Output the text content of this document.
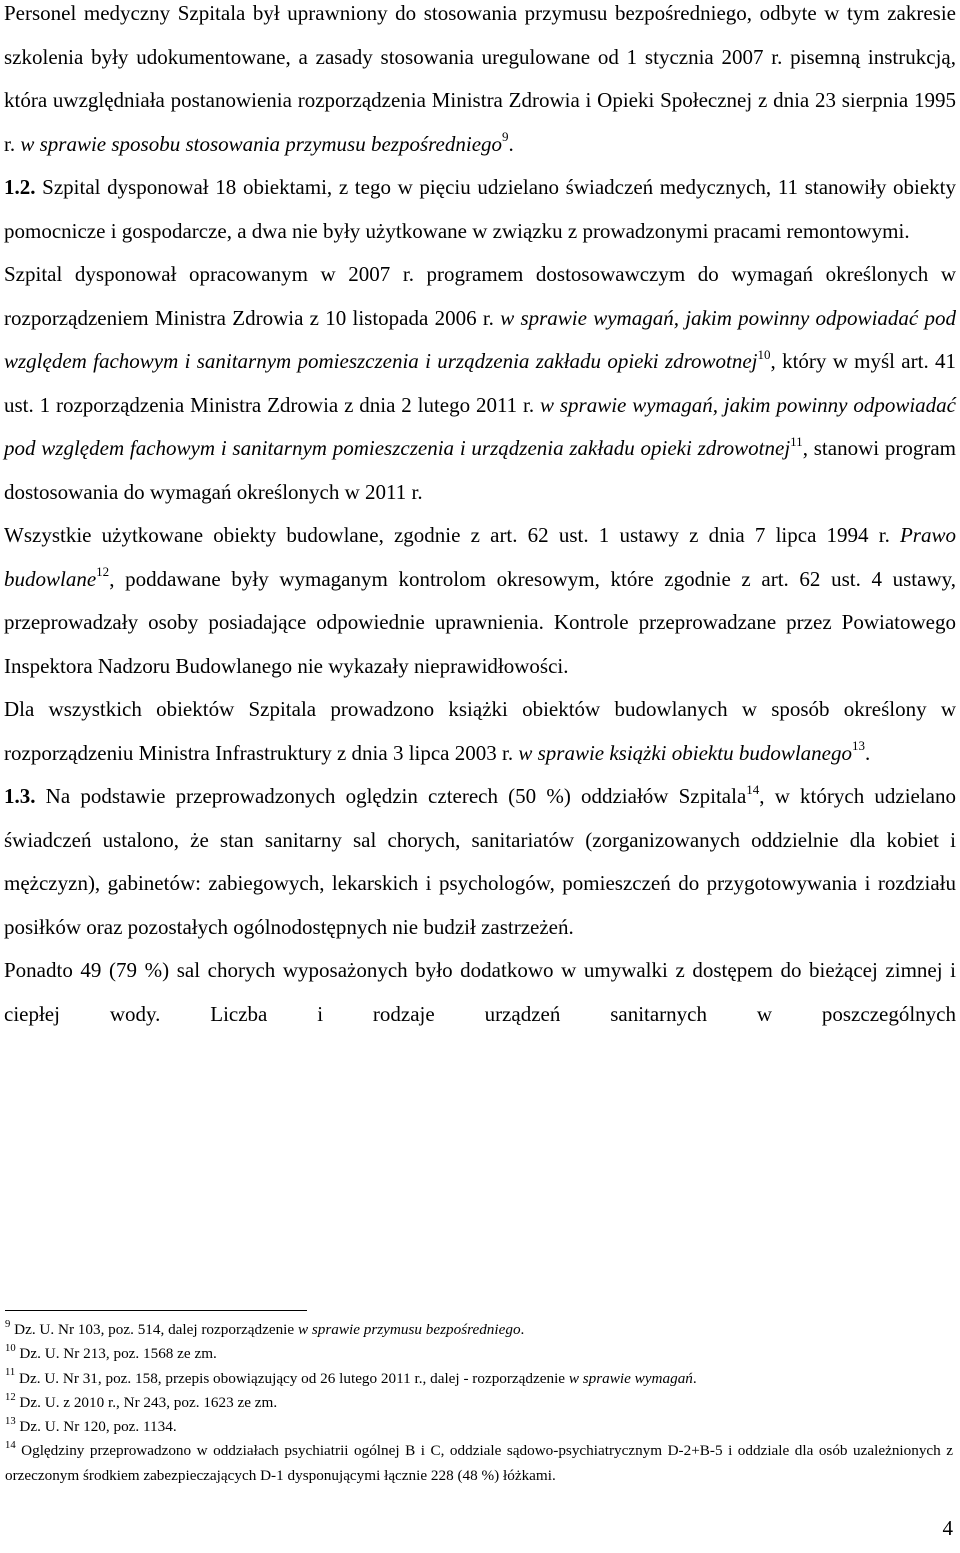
Personel medyczny Szpitala był uprawniony do stosowania przymusu bezpośredniego, odbyte w tym zakresie szkolenia były udokumentowane, a zasady stosowania uregulowane od 1 stycznia 2007 r. pisemną instrukcją, która uwzględniała postanowienia rozporządzenia Ministra Zdrowia i Opieki Społecznej z dnia 23 sierpnia 1995 r. w sprawie sposobu stosowania przymusu bezpośredniego$^9$.

1.2. Szpital dysponował 18 obiektami, z tego w pięciu udzielano świadczeń medycznych, 11 stanowiły obiekty pomocnicze i gospodarcze, a dwa nie były użytkowane w związku z prowadzonymi pracami remontowymi.

Szpital dysponował opracowanym w 2007 r. programem dostosowawczym do wymagań określonych w rozporządzeniem Ministra Zdrowia z 10 listopada 2006 r. w sprawie wymagań, jakim powinny odpowiadać pod względem fachowym i sanitarnym pomieszczenia i urządzenia zakładu opieki zdrowotnej$^{10}$, który w myśl art. 41 ust. 1 rozporządzenia Ministra Zdrowia z dnia 2 lutego 2011 r. w sprawie wymagań, jakim powinny odpowiadać pod względem fachowym i sanitarnym pomieszczenia i urządzenia zakładu opieki zdrowotnej$^{11}$, stanowi program dostosowania do wymagań określonych w 2011 r.

Wszystkie użytkowane obiekty budowlane, zgodnie z art. 62 ust. 1 ustawy z dnia 7 lipca 1994 r. Prawo budowlane$^{12}$, poddawane były wymaganym kontrolom okresowym, które zgodnie z art. 62 ust. 4 ustawy, przeprowadzały osoby posiadające odpowiednie uprawnienia. Kontrole przeprowadzane przez Powiatowego Inspektora Nadzoru Budowlanego nie wykazały nieprawidłowości.

Dla wszystkich obiektów Szpitala prowadzono książki obiektów budowlanych w sposób określony w rozporządzeniu Ministra Infrastruktury z dnia 3 lipca 2003 r. w sprawie książki obiektu budowlanego$^{13}$.

1.3. Na podstawie przeprowadzonych oględzin czterech (50 %) oddziałów Szpitala$^{14}$, w których udzielano świadczeń ustalono, że stan sanitarny sal chorych, sanitariatów (zorganizowanych oddzielnie dla kobiet i mężczyzn), gabinetów: zabiegowych, lekarskich i psychologów, pomieszczeń do przygotowywania i rozdziału posiłków oraz pozostałych ogólnodostępnych nie budził zastrzeżeń.

Ponadto 49 (79 %) sal chorych wyposażonych było dodatkowo w umywalki z dostępem do bieżącej zimnej i ciepłej wody. Liczba i rodzaje urządzeń sanitarnych w poszczególnych

$^9$ Dz. U. Nr 103, poz. 514, dalej rozporządzenie w sprawie przymusu bezpośredniego.

$^{10}$ Dz. U. Nr 213, poz. 1568 ze zm.

$^{11}$ Dz. U. Nr 31, poz. 158, przepis obowiązujący od 26 lutego 2011 r., dalej - rozporządzenie w sprawie wymagań.

$^{12}$ Dz. U. z 2010 r., Nr 243, poz. 1623 ze zm.

$^{13}$ Dz. U. Nr 120, poz. 1134.

$^{14}$ Oględziny przeprowadzono w oddziałach psychiatrii ogólnej B i C, oddziale sądowo-psychiatrycznym D-2+B-5 i oddziale dla osób uzależnionych z orzeczonym środkiem zabezpieczających D-1 dysponującymi łącznie 228 (48 %) łóżkami.

4
